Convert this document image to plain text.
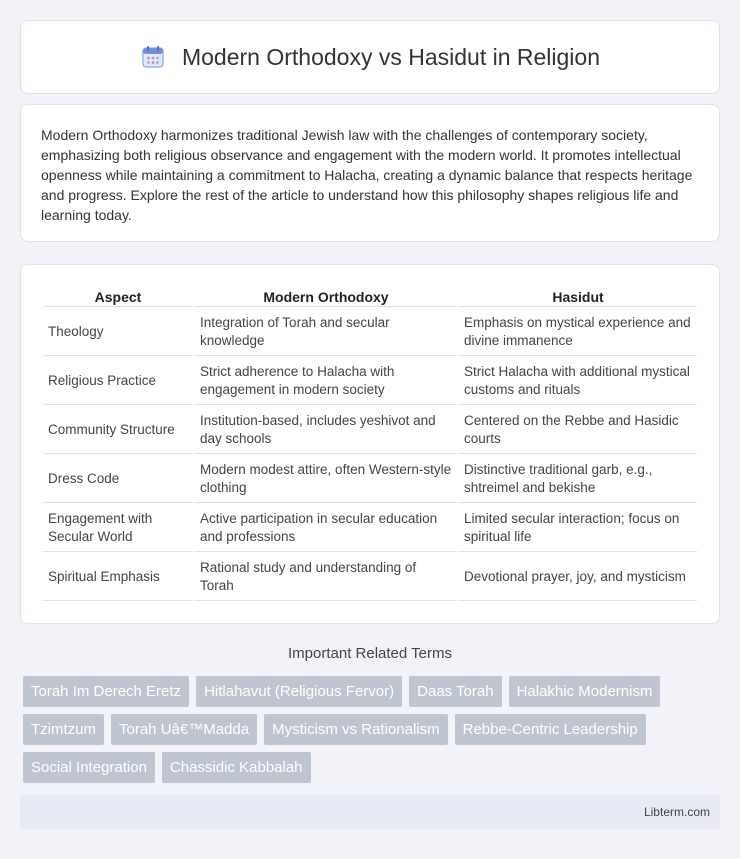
Modern Orthodoxy vs Hasidut in Religion

Modern Orthodoxy harmonizes traditional Jewish law with the challenges of contemporary society, emphasizing both religious observance and engagement with the modern world. It promotes intellectual openness while maintaining a commitment to Halacha, creating a dynamic balance that respects heritage and progress. Explore the rest of the article to understand how this philosophy shapes religious life and learning today.

Aspect	Modern Orthodoxy	Hasidut
Theology	Integration of Torah and secular knowledge	Emphasis on mystical experience and divine immanence
Religious Practice	Strict adherence to Halacha with engagement in modern society	Strict Halacha with additional mystical customs and rituals
Community Structure	Institution-based, includes yeshivot and day schools	Centered on the Rebbe and Hasidic courts
Dress Code	Modern modest attire, often Western-style clothing	Distinctive traditional garb, e.g., shtreimel and bekishe
Engagement with Secular World	Active participation in secular education and professions	Limited secular interaction; focus on spiritual life
Spiritual Emphasis	Rational study and understanding of Torah	Devotional prayer, joy, and mysticism
Important Related Terms
Torah Im Derech Eretz	Hitlahavut (Religious Fervor)	Daas Torah	Halakhic Modernism
Tzimtzum	Torah Uâ€™Madda	Mysticism vs Rationalism	Rebbe-Centric Leadership
Social Integration	Chassidic Kabbalah
Libterm.com
